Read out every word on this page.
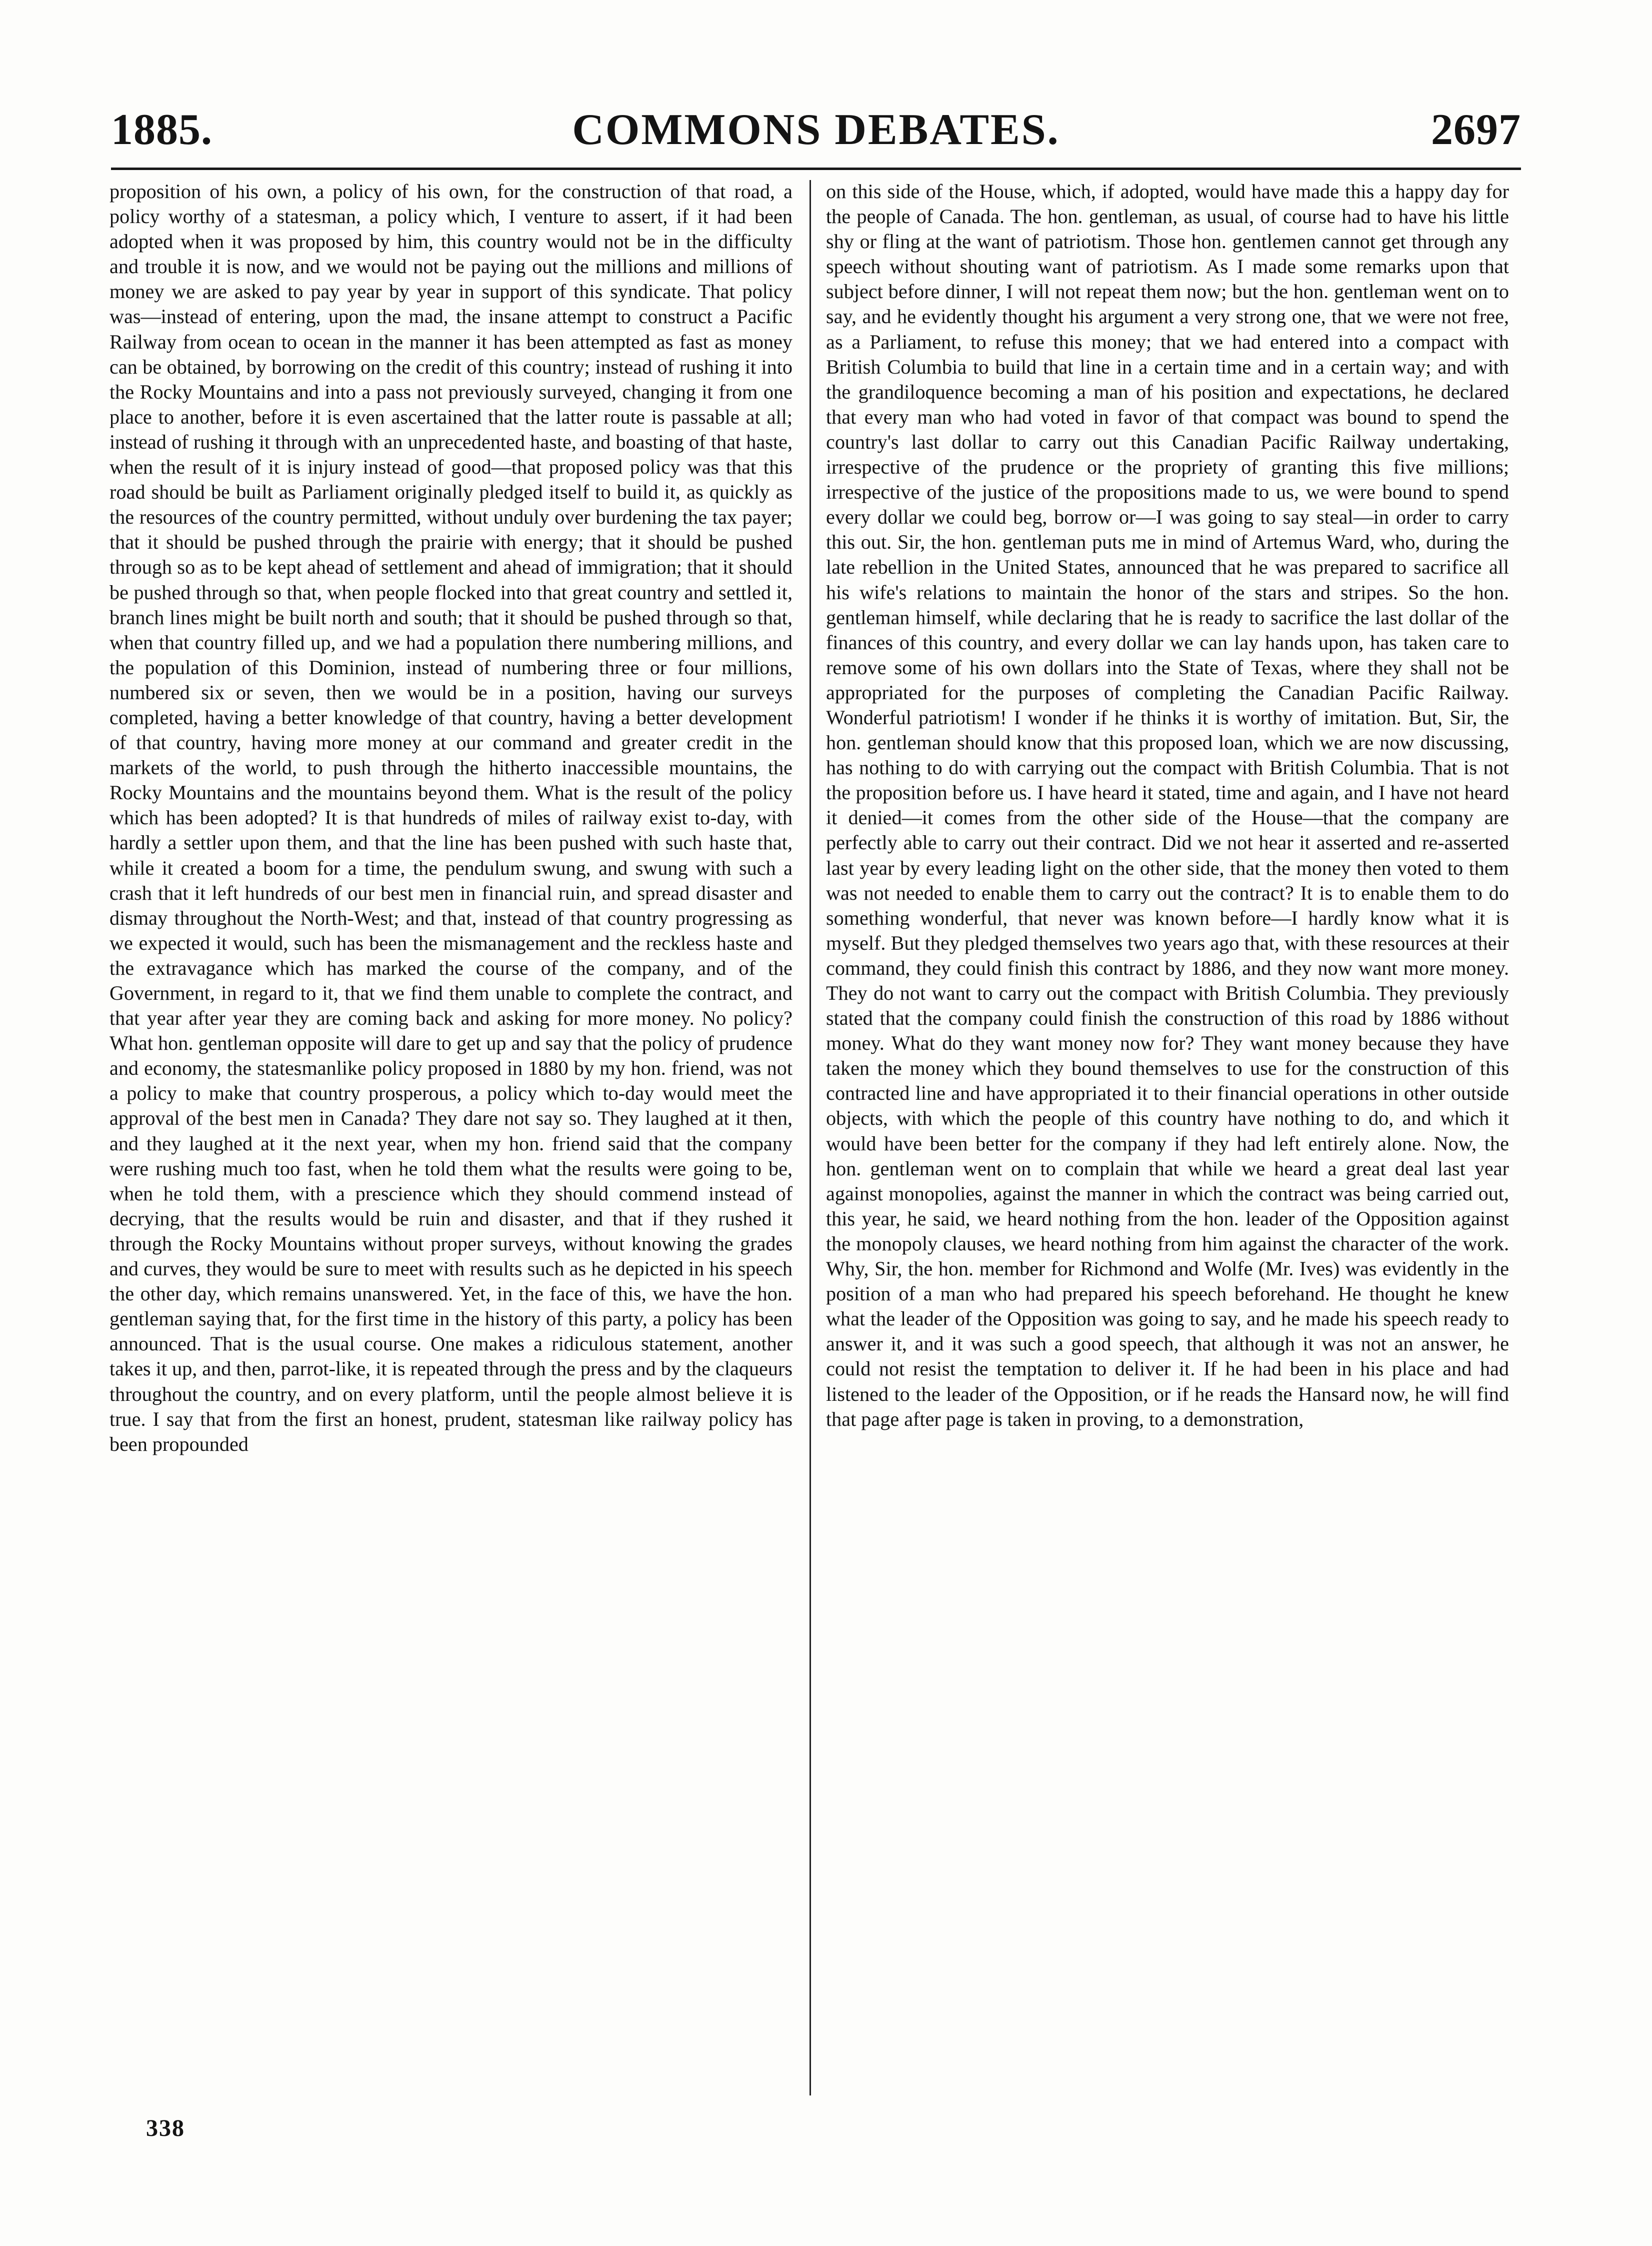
1885.	COMMONS DEBATES.	2697

proposition of his own, a policy of his own, for the construction of that road, a policy worthy of a statesman, a policy which, I venture to assert, if it had been adopted when it was proposed by him, this country would not be in the difficulty and trouble it is now, and we would not be paying out the millions and millions of money we are asked to pay year by year in support of this syndicate. That policy was—instead of entering, upon the mad, the insane attempt to construct a Pacific Railway from ocean to ocean in the manner it has been attempted as fast as money can be obtained, by borrowing on the credit of this country; instead of rushing it into the Rocky Mountains and into a pass not previously surveyed, changing it from one place to another, before it is even ascertained that the latter route is passable at all; instead of rushing it through with an unprecedented haste, and boasting of that haste, when the result of it is injury instead of good—that proposed policy was that this road should be built as Parliament originally pledged itself to build it, as quickly as the resources of the country permitted, without unduly over burdening the tax payer; that it should be pushed through the prairie with energy; that it should be pushed through so as to be kept ahead of settlement and ahead of immigration; that it should be pushed through so that, when people flocked into that great country and settled it, branch lines might be built north and south; that it should be pushed through so that, when that country filled up, and we had a population there numbering millions, and the population of this Dominion, instead of numbering three or four millions, numbered six or seven, then we would be in a position, having our surveys completed, having a better knowledge of that country, having a better development of that country, having more money at our command and greater credit in the markets of the world, to push through the hitherto inaccessible mountains, the Rocky Mountains and the mountains beyond them. What is the result of the policy which has been adopted? It is that hundreds of miles of railway exist to-day, with hardly a settler upon them, and that the line has been pushed with such haste that, while it created a boom for a time, the pendulum swung, and swung with such a crash that it left hundreds of our best men in financial ruin, and spread disaster and dismay throughout the North-West; and that, instead of that country progressing as we expected it would, such has been the mismanagement and the reckless haste and the extravagance which has marked the course of the company, and of the Government, in regard to it, that we find them unable to complete the contract, and that year after year they are coming back and asking for more money. No policy? What hon. gentleman opposite will dare to get up and say that the policy of prudence and economy, the statesmanlike policy proposed in 1880 by my hon. friend, was not a policy to make that country prosperous, a policy which to-day would meet the approval of the best men in Canada? They dare not say so. They laughed at it then, and they laughed at it the next year, when my hon. friend said that the company were rushing much too fast, when he told them what the results were going to be, when he told them, with a prescience which they should commend instead of decrying, that the results would be ruin and disaster, and that if they rushed it through the Rocky Mountains without proper surveys, without knowing the grades and curves, they would be sure to meet with results such as he depicted in his speech the other day, which remains unanswered. Yet, in the face of this, we have the hon. gentleman saying that, for the first time in the history of this party, a policy has been announced. That is the usual course. One makes a ridiculous statement, another takes it up, and then, parrot-like, it is repeated through the press and by the claqueurs throughout the country, and on every platform, until the people almost believe it is true. I say that from the first an honest, prudent, statesman like railway policy has been propounded

on this side of the House, which, if adopted, would have made this a happy day for the people of Canada. The hon. gentleman, as usual, of course had to have his little shy or fling at the want of patriotism. Those hon. gentlemen cannot get through any speech without shouting want of patriotism. As I made some remarks upon that subject before dinner, I will not repeat them now; but the hon. gentleman went on to say, and he evidently thought his argument a very strong one, that we were not free, as a Parliament, to refuse this money; that we had entered into a compact with British Columbia to build that line in a certain time and in a certain way; and with the grandiloquence becoming a man of his position and expectations, he declared that every man who had voted in favor of that compact was bound to spend the country's last dollar to carry out this Canadian Pacific Railway undertaking, irrespective of the prudence or the propriety of granting this five millions; irrespective of the justice of the propositions made to us, we were bound to spend every dollar we could beg, borrow or—I was going to say steal—in order to carry this out. Sir, the hon. gentleman puts me in mind of Artemus Ward, who, during the late rebellion in the United States, announced that he was prepared to sacrifice all his wife's relations to maintain the honor of the stars and stripes. So the hon. gentleman himself, while declaring that he is ready to sacrifice the last dollar of the finances of this country, and every dollar we can lay hands upon, has taken care to remove some of his own dollars into the State of Texas, where they shall not be appropriated for the purposes of completing the Canadian Pacific Railway. Wonderful patriotism! I wonder if he thinks it is worthy of imitation. But, Sir, the hon. gentleman should know that this proposed loan, which we are now discussing, has nothing to do with carrying out the compact with British Columbia. That is not the proposition before us. I have heard it stated, time and again, and I have not heard it denied—it comes from the other side of the House—that the company are perfectly able to carry out their contract. Did we not hear it asserted and re-asserted last year by every leading light on the other side, that the money then voted to them was not needed to enable them to carry out the contract? It is to enable them to do something wonderful, that never was known before—I hardly know what it is myself. But they pledged themselves two years ago that, with these resources at their command, they could finish this contract by 1886, and they now want more money. They do not want to carry out the compact with British Columbia. They previously stated that the company could finish the construction of this road by 1886 without money. What do they want money now for? They want money because they have taken the money which they bound themselves to use for the construction of this contracted line and have appropriated it to their financial operations in other outside objects, with which the people of this country have nothing to do, and which it would have been better for the company if they had left entirely alone. Now, the hon. gentleman went on to complain that while we heard a great deal last year against monopolies, against the manner in which the contract was being carried out, this year, he said, we heard nothing from the hon. leader of the Opposition against the monopoly clauses, we heard nothing from him against the character of the work. Why, Sir, the hon. member for Richmond and Wolfe (Mr. Ives) was evidently in the position of a man who had prepared his speech beforehand. He thought he knew what the leader of the Opposition was going to say, and he made his speech ready to answer it, and it was such a good speech, that although it was not an answer, he could not resist the temptation to deliver it. If he had been in his place and had listened to the leader of the Opposition, or if he reads the Hansard now, he will find that page after page is taken in proving, to a demonstration,

338
